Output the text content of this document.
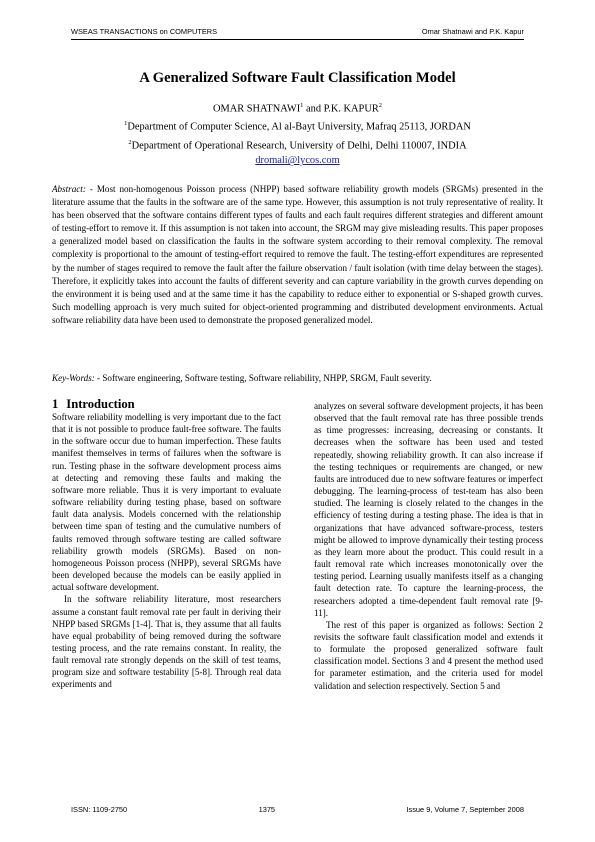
WSEAS TRANSACTIONS on COMPUTERS	Omar Shatnawi and P.K. Kapur
A Generalized Software Fault Classification Model
OMAR SHATNAWI$^1$ and P.K. KAPUR$^2$
$^1$Department of Computer Science, Al al-Bayt University, Mafraq 25113, JORDAN
$^2$Department of Operational Research, University of Delhi, Delhi 110007, INDIA
dromali@lycos.com
Abstract: - Most non-homogenous Poisson process (NHPP) based software reliability growth models (SRGMs) presented in the literature assume that the faults in the software are of the same type. However, this assumption is not truly representative of reality. It has been observed that the software contains different types of faults and each fault requires different strategies and different amount of testing-effort to remove it. If this assumption is not taken into account, the SRGM may give misleading results. This paper proposes a generalized model based on classification the faults in the software system according to their removal complexity. The removal complexity is proportional to the amount of testing-effort required to remove the fault. The testing-effort expenditures are represented by the number of stages required to remove the fault after the failure observation / fault isolation (with time delay between the stages). Therefore, it explicitly takes into account the faults of different severity and can capture variability in the growth curves depending on the environment it is being used and at the same time it has the capability to reduce either to exponential or S-shaped growth curves. Such modelling approach is very much suited for object-oriented programming and distributed development environments. Actual software reliability data have been used to demonstrate the proposed generalized model.
Key-Words: - Software engineering, Software testing, Software reliability, NHPP, SRGM, Fault severity.
1 Introduction

Software reliability modelling is very important due to the fact that it is not possible to produce fault-free software. The faults in the software occur due to human imperfection. These faults manifest themselves in terms of failures when the software is run. Testing phase in the software development process aims at detecting and removing these faults and making the software more reliable. Thus it is very important to evaluate software reliability during testing phase, based on software fault data analysis. Models concerned with the relationship between time span of testing and the cumulative numbers of faults removed through software testing are called software reliability growth models (SRGMs). Based on non-homogeneous Poisson process (NHPP), several SRGMs have been developed because the models can be easily applied in actual software development.

In the software reliability literature, most researchers assume a constant fault removal rate per fault in deriving their NHPP based SRGMs [1-4]. That is, they assume that all faults have equal probability of being removed during the software testing process, and the rate remains constant. In reality, the fault removal rate strongly depends on the skill of test teams, program size and software testability [5-8]. Through real data experiments and

analyzes on several software development projects, it has been observed that the fault removal rate has three possible trends as time progresses: increasing, decreasing or constants. It decreases when the software has been used and tested repeatedly, showing reliability growth. It can also increase if the testing techniques or requirements are changed, or new faults are introduced due to new software features or imperfect debugging. The learning-process of test-team has also been studied. The learning is closely related to the changes in the efficiency of testing during a testing phase. The idea is that in organizations that have advanced software-process, testers might be allowed to improve dynamically their testing process as they learn more about the product. This could result in a fault removal rate which increases monotonically over the testing period. Learning usually manifests itself as a changing fault detection rate. To capture the learning-process, the researchers adopted a time-dependent fault removal rate [9-11].

The rest of this paper is organized as follows: Section 2 revisits the software fault classification model and extends it to formulate the proposed generalized software fault classification model. Sections 3 and 4 present the method used for parameter estimation, and the criteria used for model validation and selection respectively. Section 5 and

ISSN: 1109-2750	1375	Issue 9, Volume 7, September 2008
